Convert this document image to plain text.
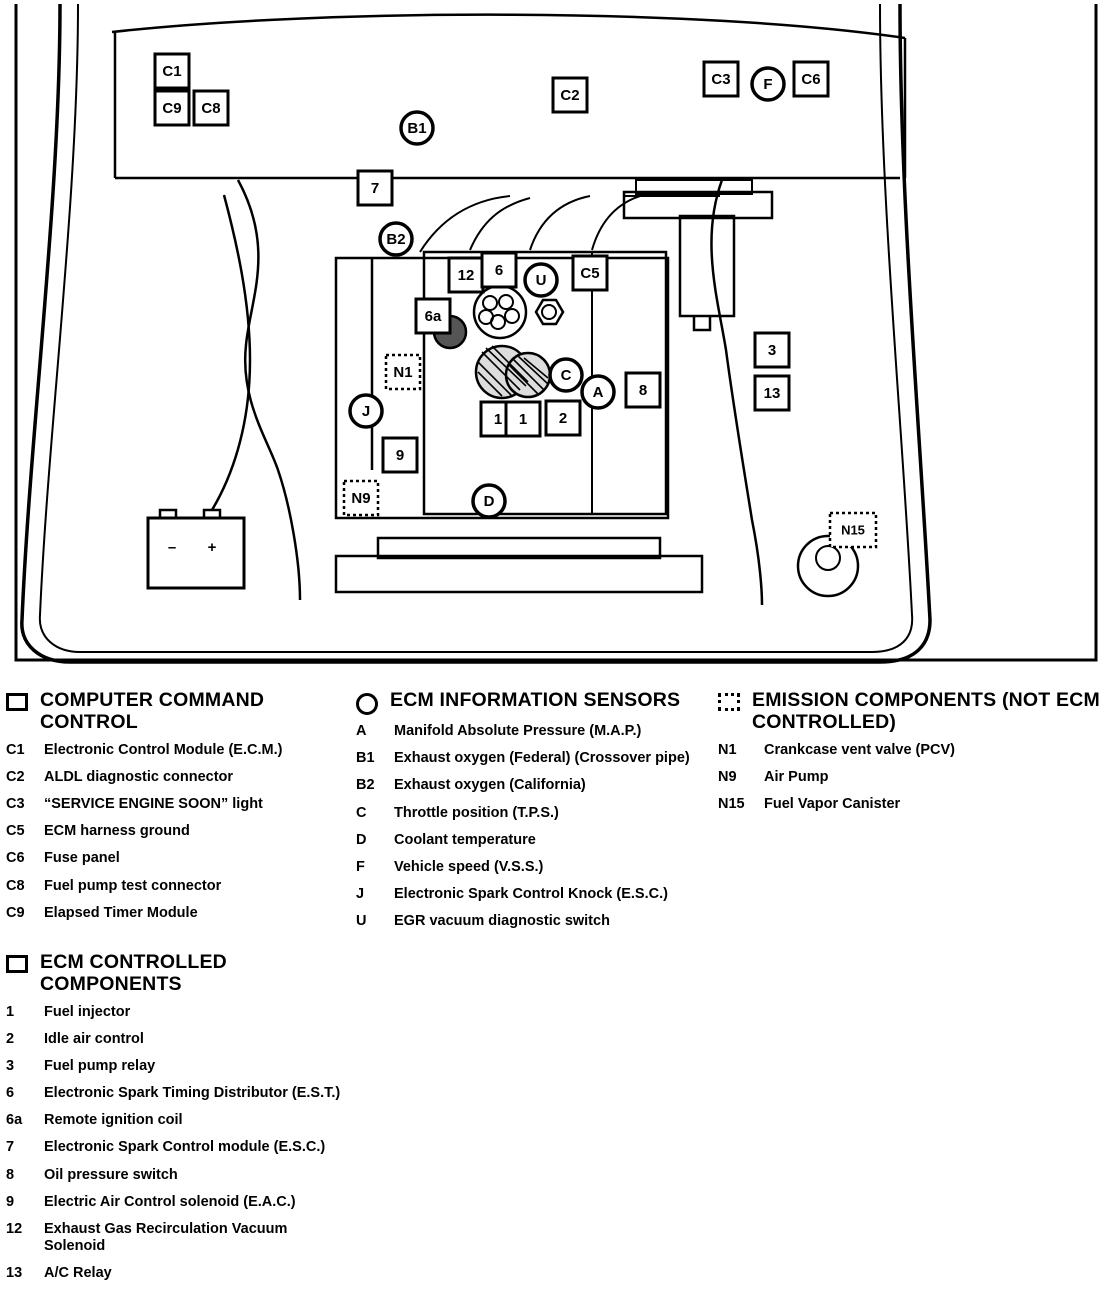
C1
C9 C8
C2
C3 F C6
B1
7
B2
12 6
U C5
6a
N1	C
A 8
3
13
1 1 2
J
9
N9	D
N15
– +
COMPUTER COMMAND CONTROL
C1	Electronic Control Module (E.C.M.)
C2	ALDL diagnostic connector
C3	“SERVICE ENGINE SOON” light
C5	ECM harness ground
C6	Fuse panel
C8	Fuel pump test connector
C9	Elapsed Timer Module
ECM CONTROLLED COMPONENTS
1	Fuel injector
2	Idle air control
3	Fuel pump relay
6	Electronic Spark Timing Distributor (E.S.T.)
6a	Remote ignition coil
7	Electronic Spark Control module (E.S.C.)
8	Oil pressure switch
9	Electric Air Control solenoid (E.A.C.)
12	Exhaust Gas Recirculation Vacuum Solenoid
13	A/C Relay
ECM INFORMATION SENSORS
A	Manifold Absolute Pressure (M.A.P.)
B1	Exhaust oxygen (Federal) (Crossover pipe)
B2	Exhaust oxygen (California)
C	Throttle position (T.P.S.)
D	Coolant temperature
F	Vehicle speed (V.S.S.)
J	Electronic Spark Control Knock (E.S.C.)
U	EGR vacuum diagnostic switch
EMISSION COMPONENTS (NOT ECM CONTROLLED)
N1	Crankcase vent valve (PCV)
N9	Air Pump
N15	Fuel Vapor Canister
